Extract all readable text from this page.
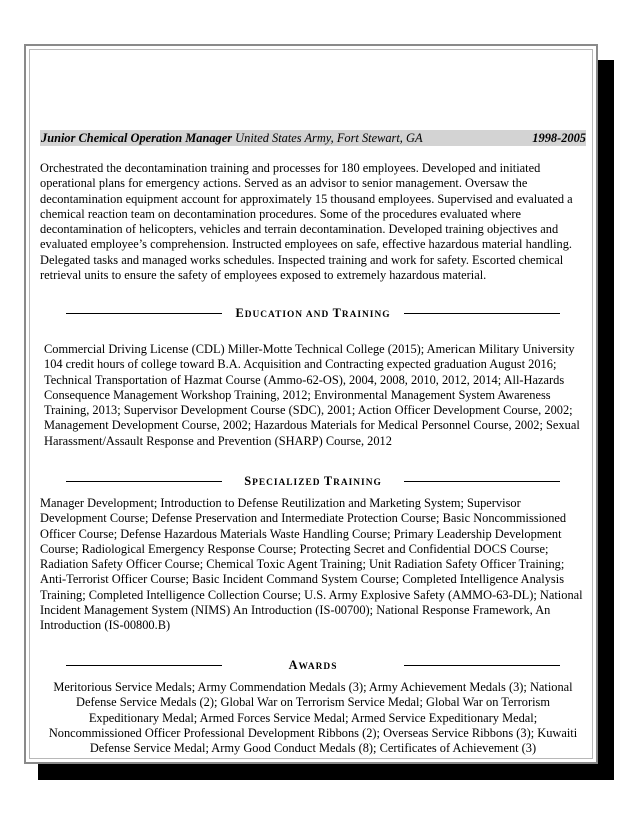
Junior Chemical Operation Manager United States Army, Fort Stewart, GA	1998-2005

Orchestrated the decontamination training and processes for 180 employees. Developed and initiated operational plans for emergency actions. Served as an advisor to senior management. Oversaw the decontamination equipment account for approximately 15 thousand employees. Supervised and evaluated a chemical reaction team on decontamination procedures. Some of the procedures evaluated where decontamination of helicopters, vehicles and terrain decontamination. Developed training objectives and evaluated employee’s comprehension. Instructed employees on safe, effective hazardous material handling. Delegated tasks and managed works schedules. Inspected training and work for safety. Escorted chemical retrieval units to ensure the safety of employees exposed to extremely hazardous material.

EDUCATION AND TRAINING

Commercial Driving License (CDL) Miller-Motte Technical College (2015); American Military University 104 credit hours of college toward B.A. Acquisition and Contracting expected graduation August 2016; Technical Transportation of Hazmat Course (Ammo-62-OS), 2004, 2008, 2010, 2012, 2014; All-Hazards Consequence Management Workshop Training, 2012; Environmental Management System Awareness Training, 2013; Supervisor Development Course (SDC), 2001; Action Officer Development Course, 2002; Management Development Course, 2002; Hazardous Materials for Medical Personnel Course, 2002; Sexual Harassment/Assault Response and Prevention (SHARP) Course, 2012

SPECIALIZED TRAINING

Manager Development; Introduction to Defense Reutilization and Marketing System; Supervisor Development Course; Defense Preservation and Intermediate Protection Course; Basic Noncommissioned Officer Course; Defense Hazardous Materials Waste Handling Course; Primary Leadership Development Course; Radiological Emergency Response Course; Protecting Secret and Confidential DOCS Course; Radiation Safety Officer Course; Chemical Toxic Agent Training; Unit Radiation Safety Officer Training; Anti-Terrorist Officer Course; Basic Incident Command System Course; Completed Intelligence Analysis Training; Completed Intelligence Collection Course; U.S. Army Explosive Safety (AMMO-63-DL); National Incident Management System (NIMS) An Introduction (IS-00700); National Response Framework, An Introduction (IS-00800.B)

AWARDS

Meritorious Service Medals; Army Commendation Medals (3); Army Achievement Medals (3); National Defense Service Medals (2); Global War on Terrorism Service Medal; Global War on Terrorism Expeditionary Medal; Armed Forces Service Medal; Armed Service Expeditionary Medal; Noncommissioned Officer Professional Development Ribbons (2); Overseas Service Ribbons (3); Kuwaiti Defense Service Medal; Army Good Conduct Medals (8); Certificates of Achievement (3)
